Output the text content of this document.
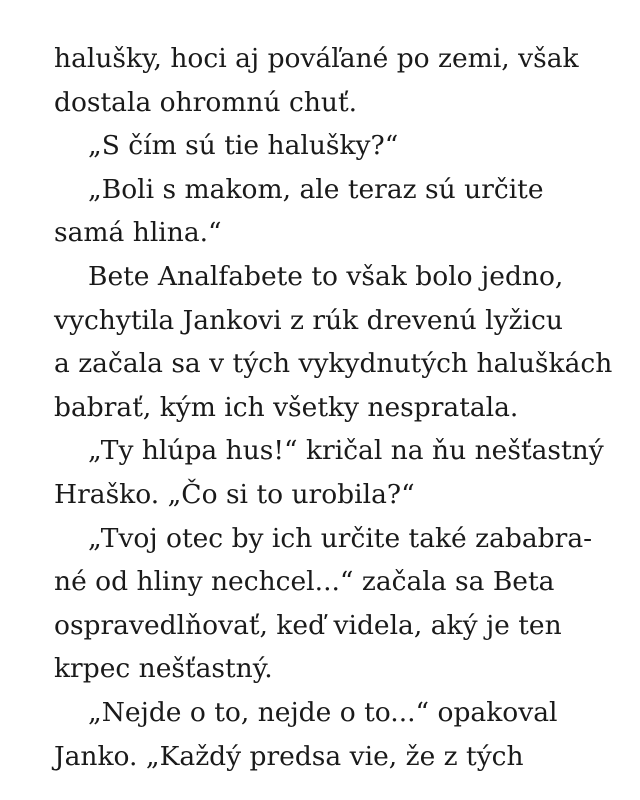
halušky, hoci aj pováľané po zemi, však
dostala ohromnú chuť.
„S čím sú tie halušky?“
„Boli s makom, ale teraz sú určite
samá hlina.“
Bete Analfabete to však bolo jedno,
vychytila Jankovi z rúk drevenú lyžicu
a začala sa v tých vykydnutých haluškách
babrať, kým ich všetky nespratala.
„Ty hlúpa hus!“ kričal na ňu nešťastný
Hraško. „Čo si to urobila?“
„Tvoj otec by ich určite také zababra-
né od hliny nechcel...“ začala sa Beta
ospravedlňovať, keď videla, aký je ten
krpec nešťastný.
„Nejde o to, nejde o to...“ opakoval
Janko. „Každý predsa vie, že z tých
